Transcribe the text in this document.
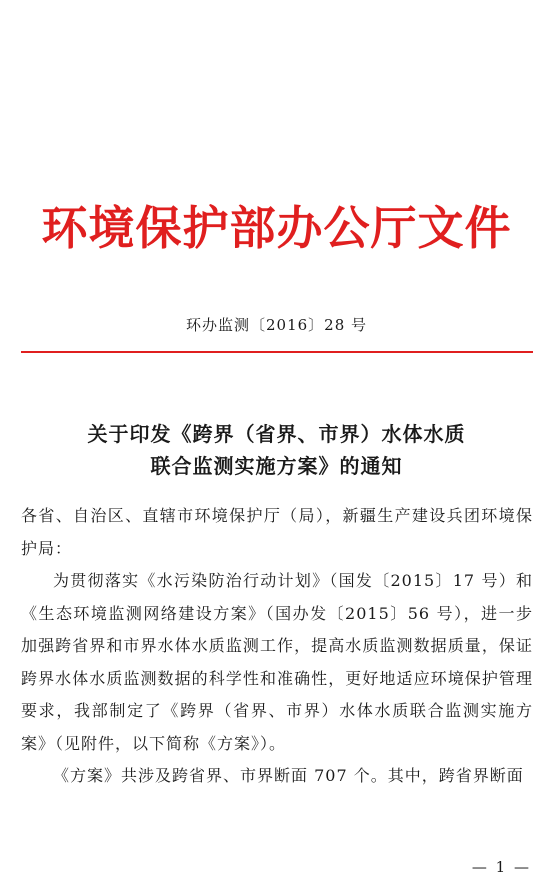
环境保护部办公厅文件
环办监测〔2016〕28 号
关于印发《跨界（省界、市界）水体水质
联合监测实施方案》的通知

各省、自治区、直辖市环境保护厅（局），新疆生产建设兵团环境保护局：

为贯彻落实《水污染防治行动计划》（国发〔2015〕17 号）和《生态环境监测网络建设方案》（国办发〔2015〕56 号），进一步加强跨省界和市界水体水质监测工作，提高水质监测数据质量，保证跨界水体水质监测数据的科学性和准确性，更好地适应环境保护管理要求，我部制定了《跨界（省界、市界）水体水质联合监测实施方案》（见附件，以下简称《方案》）。

《方案》共涉及跨省界、市界断面 707 个。其中，跨省界断面

— 1 —
